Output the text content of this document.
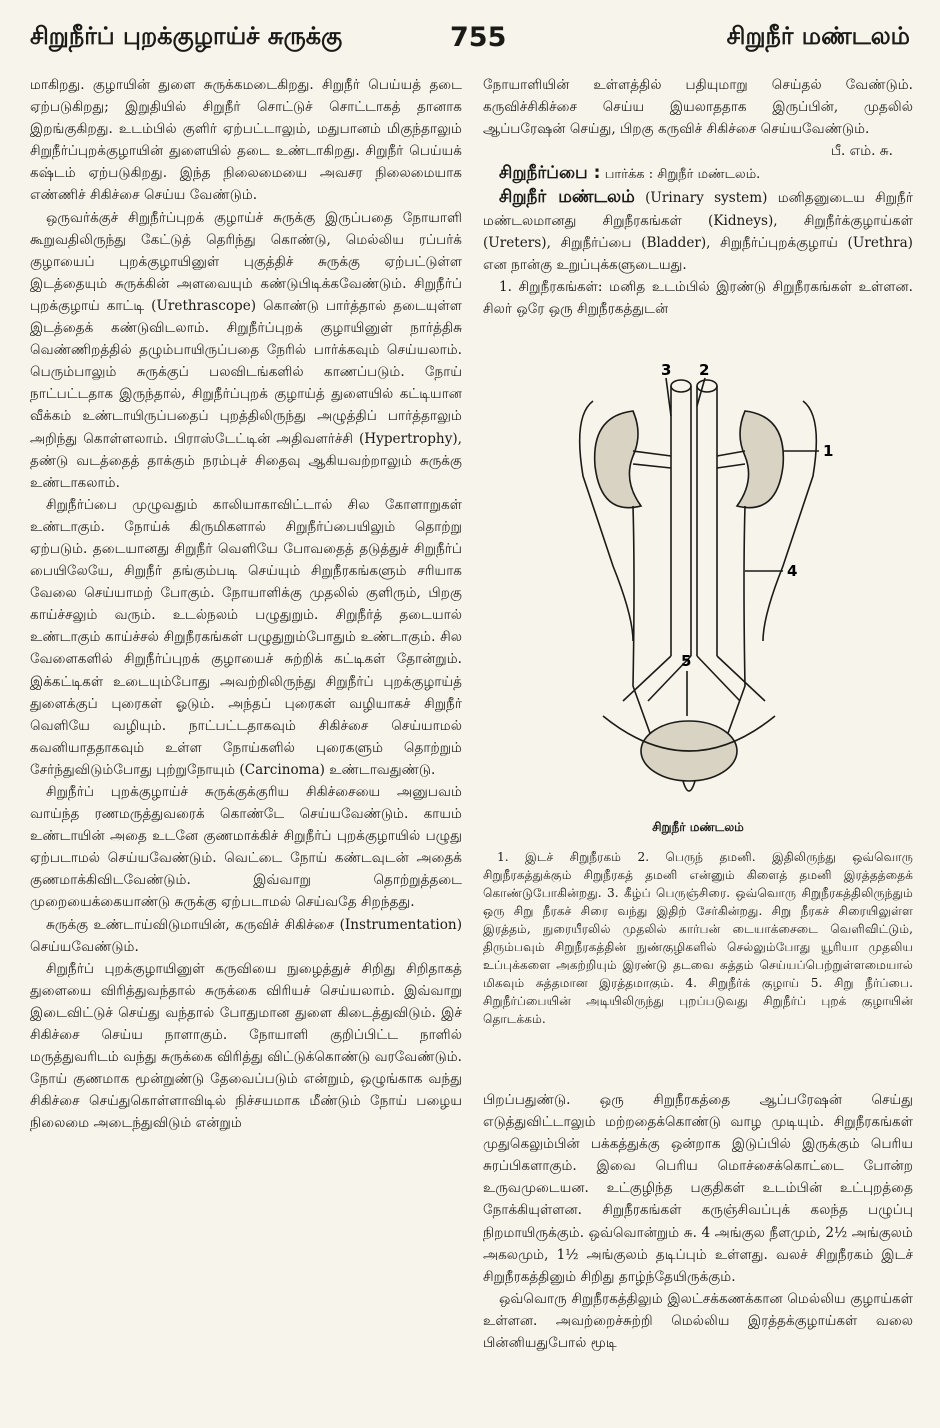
சிறுநீர்ப் புறக்குழாய்ச் சுருக்கு	755	சிறுநீர் மண்டலம்

மாகிறது. குழாயின் துளை சுருக்கமடைகிறது. சிறுநீர் பெய்யத் தடை ஏற்படுகிறது; இறுதியில் சிறுநீர் சொட்டுச் சொட்டாகத் தானாக இறங்குகிறது. உடம்பில் குளிர் ஏற்பட்டாலும், மதுபானம் மிகுந்தாலும் சிறுநீர்ப்புறக்குழாயின் துளையில் தடை உண்டாகிறது. சிறுநீர் பெய்யக் கஷ்டம் ஏற்படுகிறது. இந்த நிலைமையை அவசர நிலைமையாக எண்ணிச் சிகிச்சை செய்ய வேண்டும்.

ஒருவர்க்குச் சிறுநீர்ப்புறக் குழாய்ச் சுருக்கு இருப்பதை நோயாளி கூறுவதிலிருந்து கேட்டுத் தெரிந்து கொண்டு, மெல்லிய ரப்பர்க் குழாயைப் புறக்குழாயினுள் புகுத்திச் சுருக்கு ஏற்பட்டுள்ள இடத்தையும் சுருக்கின் அளவையும் கண்டுபிடிக்கவேண்டும். சிறுநீர்ப் புறக்குழாய் காட்டி (Urethrascope) கொண்டு பார்த்தால் தடையுள்ள இடத்தைக் கண்டுவிடலாம். சிறுநீர்ப்புறக் குழாயினுள் நார்த்திசு வெண்ணிறத்தில் தழும்பாயிருப்பதை நேரில் பார்க்கவும் செய்யலாம். பெரும்பாலும் சுருக்குப் பலவிடங்களில் காணப்படும். நோய் நாட்பட்டதாக இருந்தால், சிறுநீர்ப்புறக் குழாய்த் துளையில் கட்டியான வீக்கம் உண்டாயிருப்பதைப் புறத்திலிருந்து அழுத்திப் பார்த்தாலும் அறிந்து கொள்ளலாம். பிராஸ்டேட்டின் அதிவளர்ச்சி (Hypertrophy), தண்டு வடத்தைத் தாக்கும் நரம்புச் சிதைவு ஆகியவற்றாலும் சுருக்கு உண்டாகலாம்.

சிறுநீர்ப்பை முழுவதும் காலியாகாவிட்டால் சில கோளாறுகள் உண்டாகும். நோய்க் கிருமிகளால் சிறுநீர்ப்பையிலும் தொற்று ஏற்படும். தடையானது சிறுநீர் வெளியே போவதைத் தடுத்துச் சிறுநீர்ப் பையிலேயே, சிறுநீர் தங்கும்படி செய்யும் சிறுநீரகங்களும் சரியாக வேலை செய்யாமற் போகும். நோயாளிக்கு முதலில் குளிரும், பிறகு காய்ச்சலும் வரும். உடல்நலம் பழுதுறும். சிறுநீர்த் தடையால் உண்டாகும் காய்ச்சல் சிறுநீரகங்கள் பழுதுறும்போதும் உண்டாகும். சில வேளைகளில் சிறுநீர்ப்புறக் குழாயைச் சுற்றிக் கட்டிகள் தோன்றும். இக்கட்டிகள் உடையும்போது அவற்றிலிருந்து சிறுநீர்ப் புறக்குழாய்த் துளைக்குப் புரைகள் ஓடும். அந்தப் புரைகள் வழியாகச் சிறுநீர் வெளியே வழியும். நாட்பட்டதாகவும் சிகிச்சை செய்யாமல் கவனியாததாகவும் உள்ள நோய்களில் புரைகளும் தொற்றும் சேர்ந்துவிடும்போது புற்றுநோயும் (Carcinoma) உண்டாவதுண்டு.

சிறுநீர்ப் புறக்குழாய்ச் சுருக்குக்குரிய சிகிச்சையை அனுபவம் வாய்ந்த ரணமருத்துவரைக் கொண்டே செய்யவேண்டும். காயம் உண்டாயின் அதை உடனே குணமாக்கிச் சிறுநீர்ப் புறக்குழாயில் பழுது ஏற்படாமல் செய்யவேண்டும். வெட்டை நோய் கண்டவுடன் அதைக் குணமாக்கிவிடவேண்டும். இவ்வாறு தொற்றுத்தடை முறையைக்கையாண்டு சுருக்கு ஏற்படாமல் செய்வதே சிறந்தது.

சுருக்கு உண்டாய்விடுமாயின், கருவிச் சிகிச்சை (Instrumentation) செய்யவேண்டும்.

சிறுநீர்ப் புறக்குழாயினுள் கருவியை நுழைத்துச் சிறிது சிறிதாகத் துளையை விரித்துவந்தால் சுருக்கை விரியச் செய்யலாம். இவ்வாறு இடைவிட்டுச் செய்து வந்தால் போதுமான துளை கிடைத்துவிடும். இச் சிகிச்சை செய்ய நாளாகும். நோயாளி குறிப்பிட்ட நாளில் மருத்துவரிடம் வந்து சுருக்கை விரித்து விட்டுக்கொண்டு வரவேண்டும். நோய் குணமாக மூன்றுண்டு தேவைப்படும் என்றும், ஒழுங்காக வந்து சிகிச்சை செய்துகொள்ளாவிடில் நிச்சயமாக மீண்டும் நோய் பழைய நிலைமை அடைந்துவிடும் என்றும்

நோயாளியின் உள்ளத்தில் பதியுமாறு செய்தல் வேண்டும். கருவிச்சிகிச்சை செய்ய இயலாததாக இருப்பின், முதலில் ஆப்பரேஷன் செய்து, பிறகு கருவிச் சிகிச்சை செய்யவேண்டும்.

பீ. எம். சு.

சிறுநீர்ப்பை : பார்க்க : சிறுநீர் மண்டலம்.

சிறுநீர் மண்டலம் (Urinary system) மனிதனுடைய சிறுநீர் மண்டலமானது சிறுநீரகங்கள் (Kidneys), சிறுநீர்க்குழாய்கள் (Ureters), சிறுநீர்ப்பை (Bladder), சிறுநீர்ப்புறக்குழாய் (Urethra) என நான்கு உறுப்புக்களுடையது.

1. சிறுநீரகங்கள்: மனித உடம்பில் இரண்டு சிறுநீரகங்கள் உள்ளன. சிலர் ஒரே ஒரு சிறுநீரகத்துடன்

3 2
1
4
5
சிறுநீர் மண்டலம்

1. இடச் சிறுநீரகம் 2. பெருந் தமனி. இதிலிருந்து ஒவ்வொரு சிறுநீரகத்துக்கும் சிறுநீரகத் தமனி என்னும் கிளைத் தமனி இரத்தத்தைக் கொண்டுபோகின்றது. 3. கீழ்ப் பெருஞ்சிரை. ஒவ்வொரு சிறுநீரகத்திலிருந்தும் ஒரு சிறு நீரகச் சிரை வந்து இதிற் சேர்கின்றது. சிறு நீரகச் சிரையிலுள்ள இரத்தம், நுரையீரலில் முதலில் கார்பன் டையாக்சைடை வெளிவிட்டும், திரும்பவும் சிறுநீரகத்தின் நுண்குழிகளில் செல்லும்போது யூரியா முதலிய உப்புக்களை அகற்றியும் இரண்டு தடவை சுத்தம் செய்யப்பெற்றுள்ளமையால் மிகவும் சுத்தமான இரத்தமாகும். 4. சிறுநீர்க் குழாய் 5. சிறு நீர்ப்பை. சிறுநீர்ப்பையின் அடியிலிருந்து புறப்படுவது சிறுநீர்ப் புறக் குழாயின் தொடக்கம்.

பிறப்பதுண்டு. ஒரு சிறுநீரகத்தை ஆப்பரேஷன் செய்து எடுத்துவிட்டாலும் மற்றதைக்கொண்டு வாழ முடியும். சிறுநீரகங்கள் முதுகெலும்பின் பக்கத்துக்கு ஒன்றாக இடுப்பில் இருக்கும் பெரிய சுரப்பிகளாகும். இவை பெரிய மொச்சைக்கொட்டை போன்ற உருவமுடையன. உட்குழிந்த பகுதிகள் உடம்பின் உட்புறத்தை நோக்கியுள்ளன. சிறுநீரகங்கள் கருஞ்சிவப்புக் கலந்த பழுப்பு நிறமாயிருக்கும். ஒவ்வொன்றும் சு. 4 அங்குல நீளமும், 2½ அங்குலம் அகலமும், 1½ அங்குலம் தடிப்பும் உள்ளது. வலச் சிறுநீரகம் இடச் சிறுநீரகத்தினும் சிறிது தாழ்ந்தேயிருக்கும்.

ஒவ்வொரு சிறுநீரகத்திலும் இலட்சக்கணக்கான மெல்லிய குழாய்கள் உள்ளன. அவற்றைச்சுற்றி மெல்லிய இரத்தக்குழாய்கள் வலை பின்னியதுபோல் மூடி
